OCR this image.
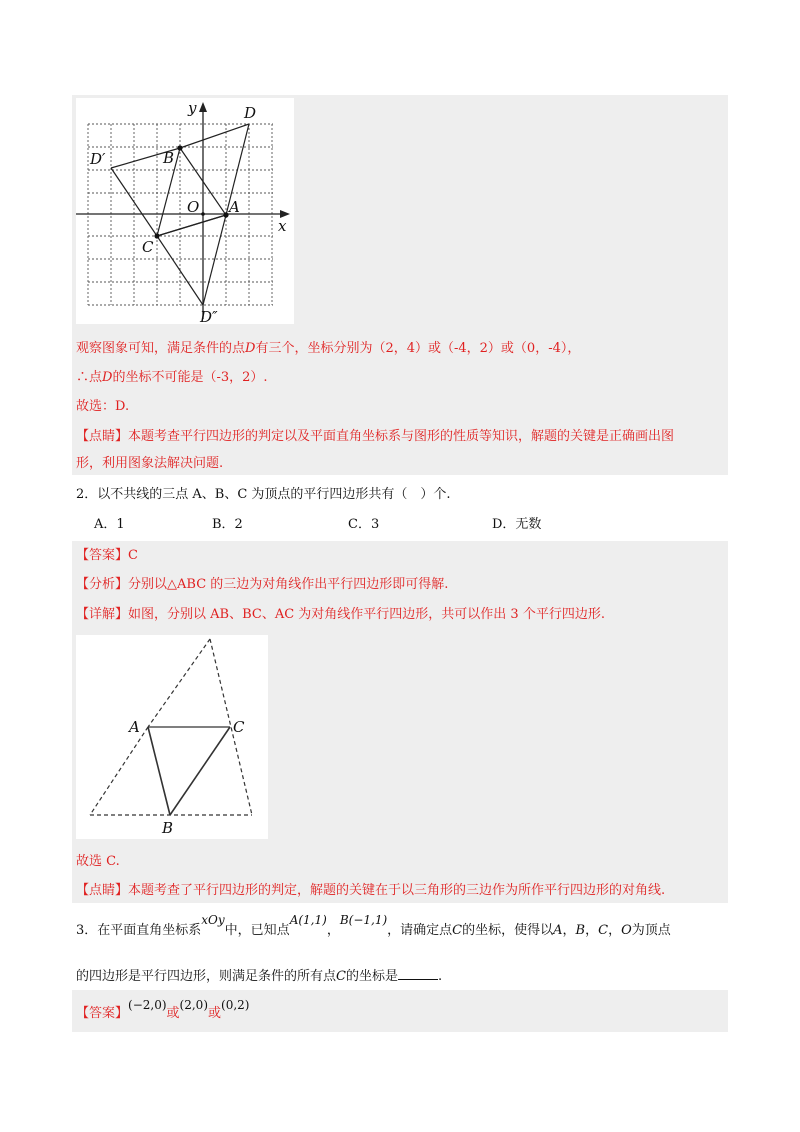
y
x
D
D′	B
O A
C
D″
观察图象可知，满足条件的点D有三个，坐标分别为（2，4）或（-4，2）或（0，-4），
∴点D的坐标不可能是（-3，2）.
故选：D.
【点睛】本题考查平行四边形的判定以及平面直角坐标系与图形的性质等知识，解题的关键是正确画出图
形，利用图象法解决问题.
2．以不共线的三点 A、B、C 为顶点的平行四边形共有（　）个.
A．1	B．2	C．3	D．无数
【答案】C
【分析】分别以△ABC 的三边为对角线作出平行四边形即可得解.
【详解】如图，分别以 AB、BC、AC 为对角线作平行四边形，共可以作出 3 个平行四边形.
A	C
B
故选 C.
【点睛】本题考查了平行四边形的判定，解题的关键在于以三角形的三边作为所作平行四边形的对角线.
3．在平面直角坐标系xOy中，已知点A(1,1)，B(−1,1)，请确定点C的坐标，使得以A，B，C，O为顶点
的四边形是平行四边形，则满足条件的所有点C的坐标是	.
【答案】(−2,0)或(2,0)或(0,2)
